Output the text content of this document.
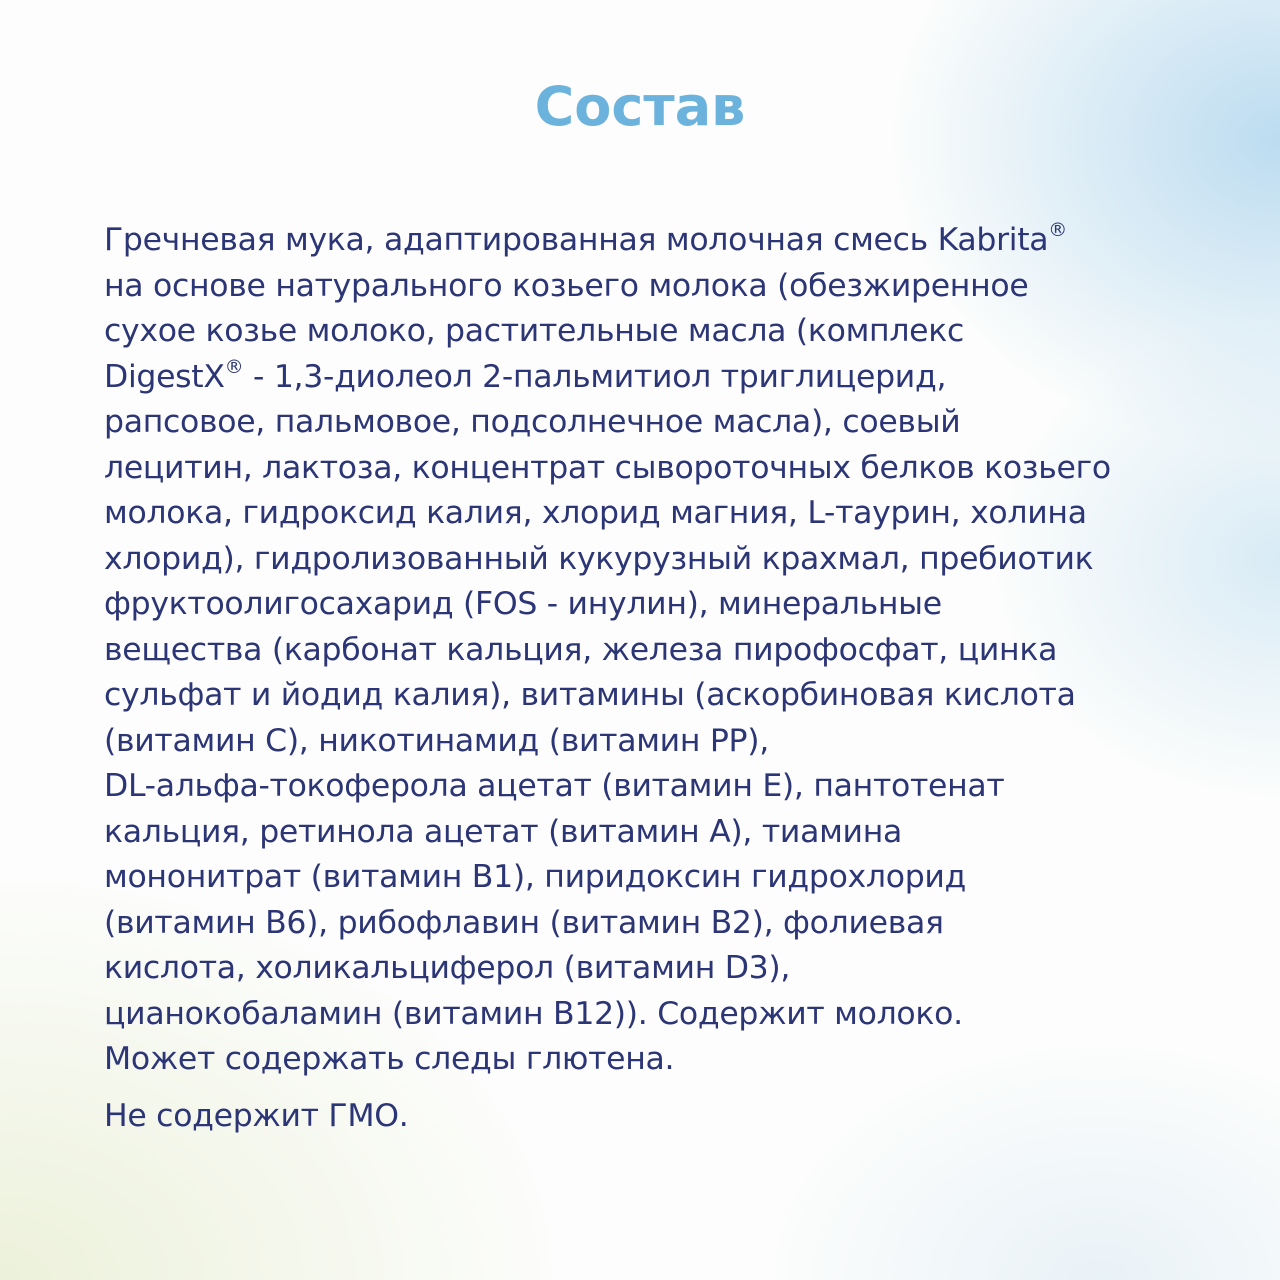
Состав
Гречневая мука, адаптированная молочная смесь Kabrita®
на основе натурального козьего молока (обезжиренное
сухое козье молоко, растительные масла (комплекс
DigestX® - 1,3-диолеол 2-пальмитиол триглицерид,
рапсовое, пальмовое, подсолнечное масла), соевый
лецитин, лактоза, концентрат сывороточных белков козьего
молока, гидроксид калия, хлорид магния, L-таурин, холина
хлорид), гидролизованный кукурузный крахмал, пребиотик
фруктоолигосахарид (FOS - инулин), минеральные
вещества (карбонат кальция, железа пирофосфат, цинка
сульфат и йодид калия), витамины (аскорбиновая кислота
(витамин С), никотинамид (витамин РР),
DL-альфа-токоферола ацетат (витамин Е), пантотенат
кальция, ретинола ацетат (витамин А), тиамина
мононитрат (витамин В1), пиридоксин гидрохлорид
(витамин В6), рибофлавин (витамин В2), фолиевая
кислота, холикальциферол (витамин D3),
цианокобаламин (витамин В12)). Содержит молоко.
Может содержать следы глютена.
Не содержит ГМО.
